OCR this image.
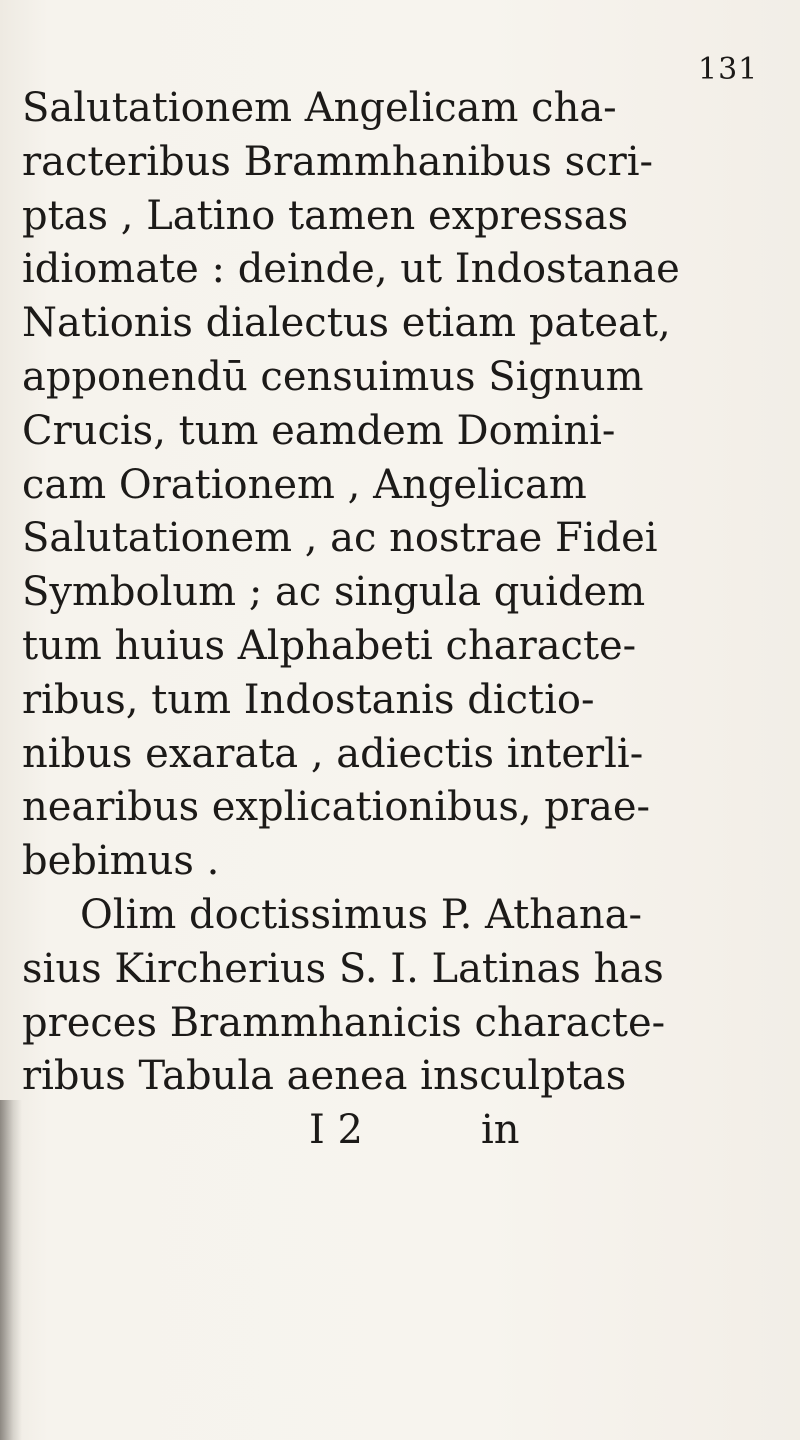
131
Salutationem Angelicam cha-
racteribus Brammhanibus scri-
ptas , Latino tamen expressas
idiomate : deinde, ut Indostanae
Nationis dialectus etiam pateat,
apponendū censuimus Signum
Crucis, tum eamdem Domini-
cam Orationem , Angelicam
Salutationem , ac nostrae Fidei
Symbolum ; ac singula quidem
tum huius Alphabeti characte-
ribus, tum Indostanis dictio-
nibus exarata , adiectis interli-
nearibus explicationibus, prae-
bebimus .
Olim doctissimus P. Athana-
sius Kircherius S. I. Latinas has
preces Brammhanicis characte-
ribus Tabula aenea insculptas
I 2	in
